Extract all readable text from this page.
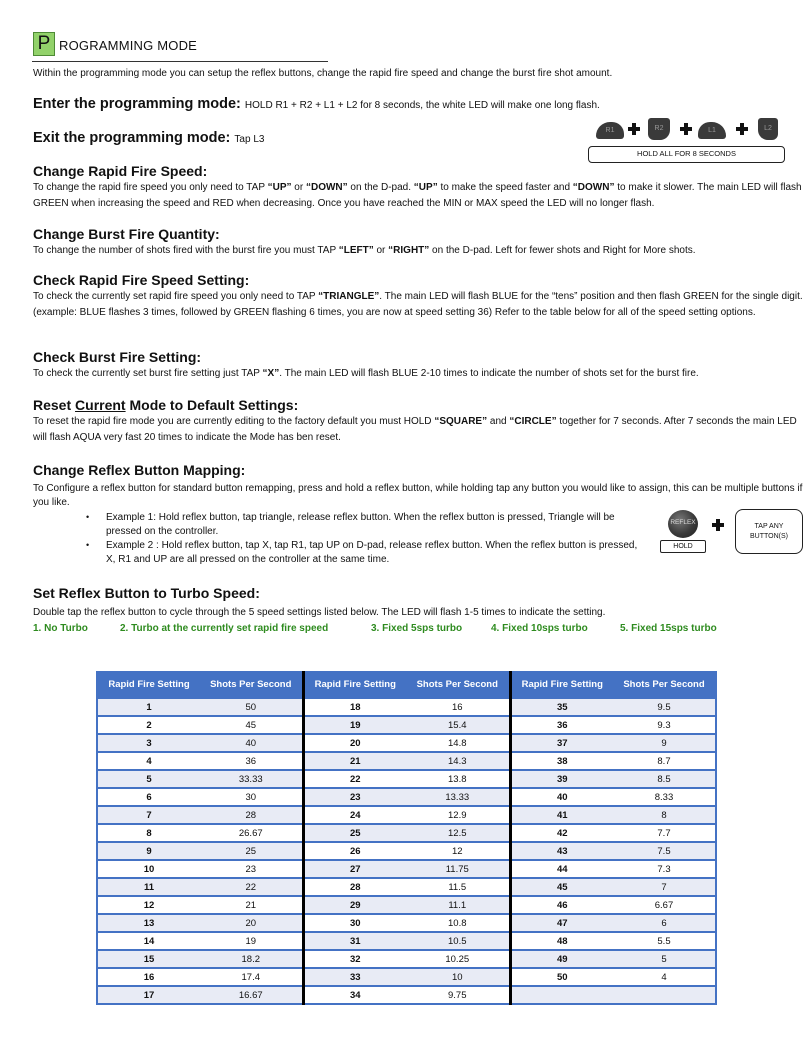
P ROGRAMMING MODE
Within the programming mode you can setup the reflex buttons, change the rapid fire speed and change the burst fire shot amount.
Enter the programming mode: HOLD R1 + R2 + L1 + L2 for 8 seconds, the white LED will make one long flash.
Exit the programming mode: Tap L3
R1	R2	L1	L2
HOLD ALL FOR 8 SECONDS
Change Rapid Fire Speed:
To change the rapid fire speed you only need to TAP “UP” or “DOWN” on the D-pad. “UP” to make the speed faster and “DOWN” to make it slower. The main LED will flash GREEN when increasing the speed and RED when decreasing. Once you have reached the MIN or MAX speed the LED will no longer flash.
Change Burst Fire Quantity:
To change the number of shots fired with the burst fire you must TAP “LEFT” or “RIGHT” on the D-pad. Left for fewer shots and Right for More shots.
Check Rapid Fire Speed Setting:
To check the currently set rapid fire speed you only need to TAP “TRIANGLE”. The main LED will flash BLUE for the “tens” position and then flash GREEN for the single digit. (example: BLUE flashes 3 times, followed by GREEN flashing 6 times, you are now at speed setting 36) Refer to the table below for all of the speed setting options.
Check Burst Fire Setting:
To check the currently set burst fire setting just TAP “X”. The main LED will flash BLUE 2-10 times to indicate the number of shots set for the burst fire.
Reset Current Mode to Default Settings:
To reset the rapid fire mode you are currently editing to the factory default you must HOLD “SQUARE” and “CIRCLE” together for 7 seconds. After 7 seconds the main LED will flash AQUA very fast 20 times to indicate the Mode has ben reset.
Change Reflex Button Mapping:
To Configure a reflex button for standard button remapping, press and hold a reflex button, while holding tap any button you would like to assign, this can be multiple buttons if you like.
• Example 1: Hold reflex button, tap triangle, release reflex button. When the reflex button is pressed, Triangle will be pressed on the controller.
• Example 2 : Hold reflex button, tap X, tap R1, tap UP on D-pad, release reflex button. When the reflex button is pressed, X, R1 and UP are all pressed on the controller at the same time.
REFLEX
HOLD
TAP ANY BUTTON(S)
Set Reflex Button to Turbo Speed:
Double tap the reflex button to cycle through the 5 speed settings listed below. The LED will flash 1-5 times to indicate the setting.
1. No Turbo	2. Turbo at the currently set rapid fire speed	3. Fixed 5sps turbo	4. Fixed 10sps turbo	5. Fixed 15sps turbo
Rapid Fire Setting	Shots Per Second	Rapid Fire Setting	Shots Per Second	Rapid Fire Setting	Shots Per Second
1	50	18	16	35	9.5
2	45	19	15.4	36	9.3
3	40	20	14.8	37	9
4	36	21	14.3	38	8.7
5	33.33	22	13.8	39	8.5
6	30	23	13.33	40	8.33
7	28	24	12.9	41	8
8	26.67	25	12.5	42	7.7
9	25	26	12	43	7.5
10	23	27	11.75	44	7.3
11	22	28	11.5	45	7
12	21	29	11.1	46	6.67
13	20	30	10.8	47	6
14	19	31	10.5	48	5.5
15	18.2	32	10.25	49	5
16	17.4	33	10	50	4
17	16.67	34	9.75		
